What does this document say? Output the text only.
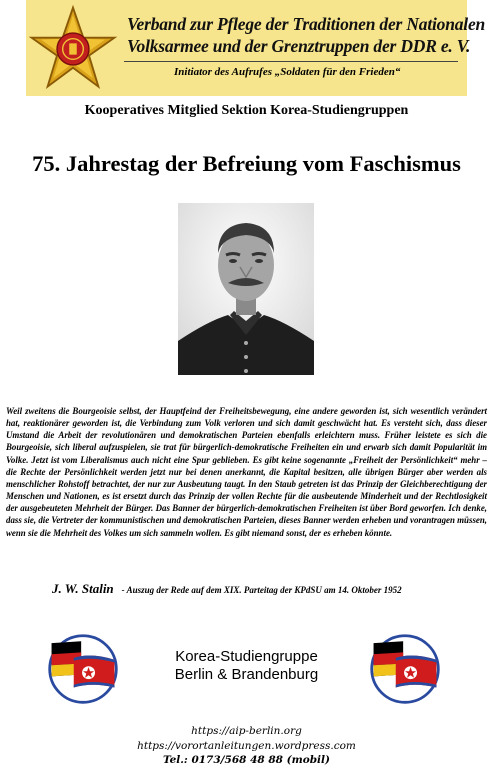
Verband zur Pflege der Traditionen der Nationalen
Volksarmee und der Grenztruppen der DDR e. V.
Initiator des Aufrufes „Soldaten für den Frieden“
Kooperatives Mitglied Sektion Korea-Studiengruppen
75. Jahrestag der Befreiung vom Faschismus
Weil zweitens die Bourgeoisie selbst, der Hauptfeind der Freiheitsbewegung, eine andere geworden ist, sich wesentlich verändert hat, reaktionärer geworden ist, die Verbindung zum Volk verloren und sich damit geschwächt hat. Es versteht sich, dass dieser Umstand die Arbeit der revolutionären und demokratischen Parteien ebenfalls erleichtern muss. Früher leistete es sich die Bourgeoisie, sich liberal aufzuspielen, sie trat für bürgerlich-demokratische Freiheiten ein und erwarb sich damit Popularität im Volke. Jetzt ist vom Liberalismus auch nicht eine Spur geblieben. Es gibt keine sogenannte „Freiheit der Persönlichkeit“ mehr – die Rechte der Persönlichkeit werden jetzt nur bei denen anerkannt, die Kapital besitzen, alle übrigen Bürger aber werden als menschlicher Rohstoff betrachtet, der nur zur Ausbeutung taugt. In den Staub getreten ist das Prinzip der Gleichberechtigung der Menschen und Nationen, es ist ersetzt durch das Prinzip der vollen Rechte für die ausbeutende Minderheit und der Rechtlosigkeit der ausgebeuteten Mehrheit der Bürger. Das Banner der bürgerlich-demokratischen Freiheiten ist über Bord geworfen. Ich denke, dass sie, die Vertreter der kommunistischen und demokratischen Parteien, dieses Banner werden erheben und vorantragen müssen, wenn sie die Mehrheit des Volkes um sich sammeln wollen. Es gibt niemand sonst, der es erheben könnte.
J. W. Stalin - Auszug der Rede auf dem XIX. Parteitag der KPdSU am 14. Oktober 1952
Korea-Studiengruppe
Berlin & Brandenburg
https://aip-berlin.org
https://vorortanleitungen.wordpress.com
Tel.: 0173/568 48 88 (mobil)
